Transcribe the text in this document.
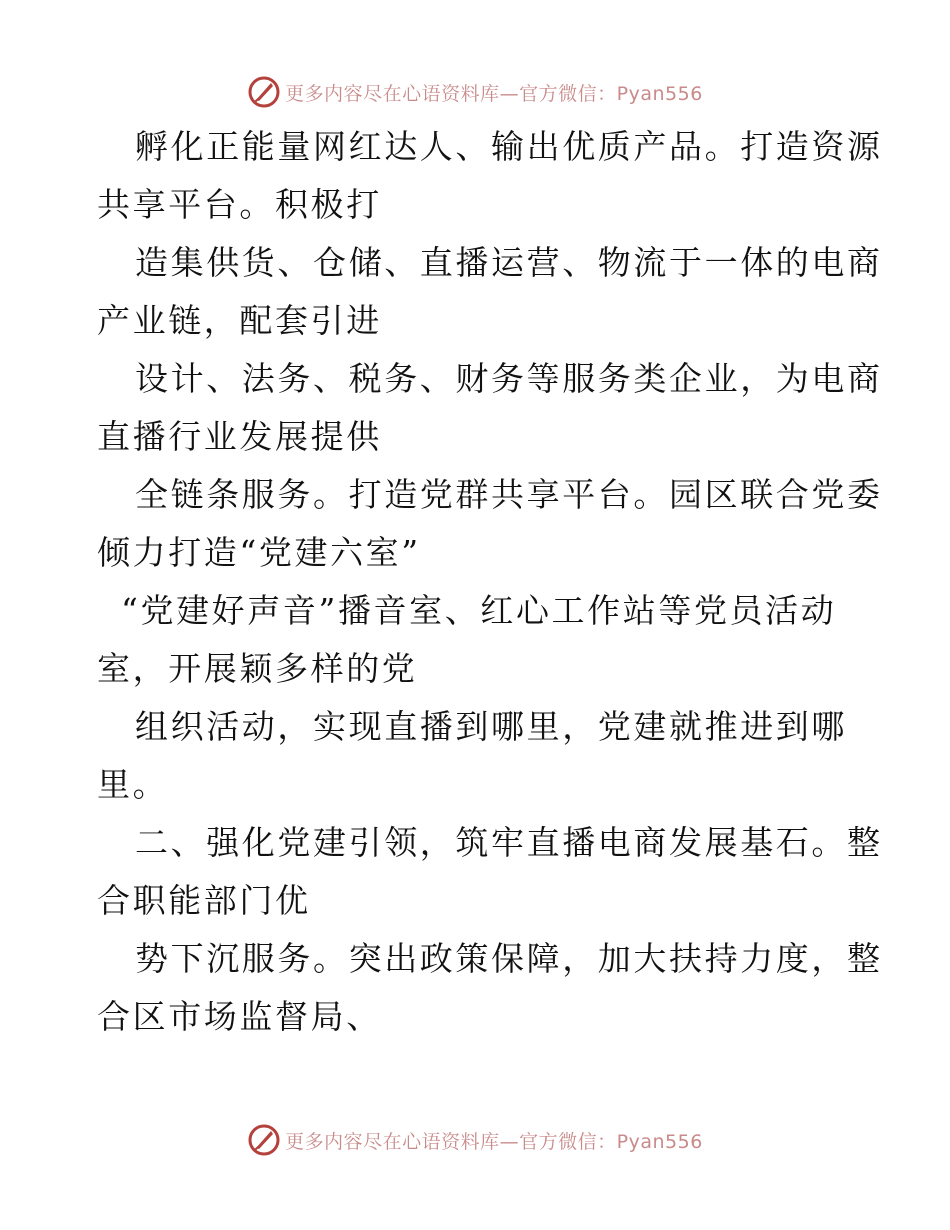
更多内容尽在心语资料库—官方微信：Pyan556
孵化正能量网红达人、输出优质产品。打造资源
共享平台。积极打
造集供货、仓储、直播运营、物流于一体的电商
产业链，配套引进
设计、法务、税务、财务等服务类企业，为电商
直播行业发展提供
全链条服务。打造党群共享平台。园区联合党委
倾力打造“党建六室”
“党建好声音”播音室、红心工作站等党员活动
室，开展颖多样的党
组织活动，实现直播到哪里，党建就推进到哪
里。
二、强化党建引领，筑牢直播电商发展基石。整
合职能部门优
势下沉服务。突出政策保障，加大扶持力度，整
合区市场监督局、
更多内容尽在心语资料库—官方微信：Pyan556
